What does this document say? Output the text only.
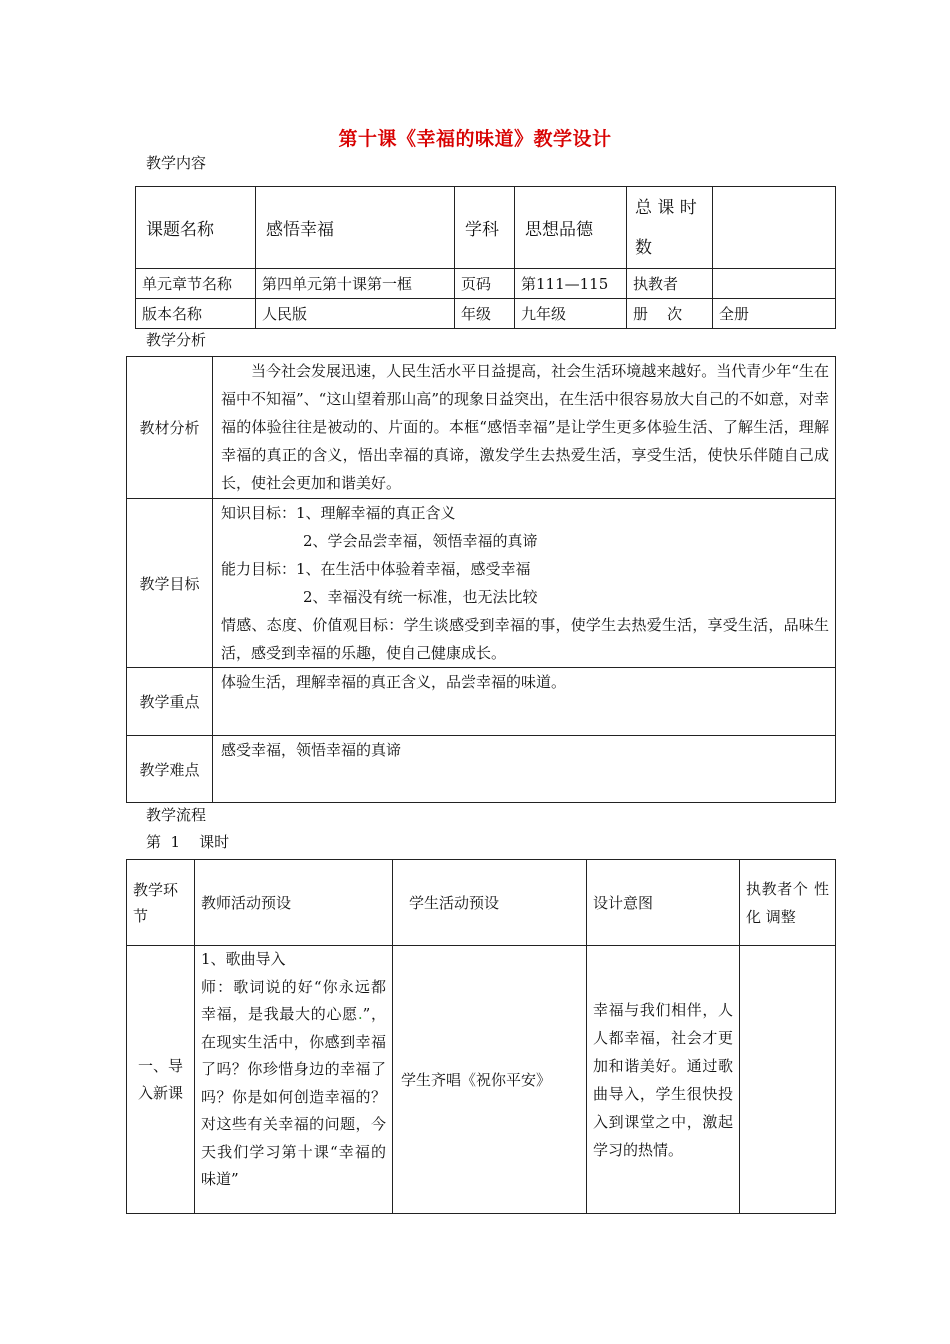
第十课《幸福的味道》教学设计
教学内容
课题名称	感悟幸福	学科	思想品德	总 课 时
数	

单元章节名称	第四单元第十课第一框	页码	第111—115	执教者	
版本名称	人民版	年级	九年级	册    次	全册
教学分析
教材分析	当今社会发展迅速，人民生活水平日益提高，社会生活环境越来越好。当代青少年“生在福中不知福”、“这山望着那山高”的现象日益突出，在生活中很容易放大自己的不如意，对幸福的体验往往是被动的、片面的。本框“感悟幸福”是让学生更多体验生活、了解生活，理解幸福的真正的含义，悟出幸福的真谛，激发学生去热爱生活，享受生活，使快乐伴随自己成长，使社会更加和谐美好。
教学目标	知识目标：1、理解幸福的真正含义
2、学会品尝幸福，领悟幸福的真谛
能力目标：1、在生活中体验着幸福，感受幸福
2、幸福没有统一标准，也无法比较
情感、态度、价值观目标：学生谈感受到幸福的事，使学生去热爱生活，享受生活，品味生活，感受到幸福的乐趣，使自己健康成长。

教学重点	体验生活，理解幸福的真正含义，品尝幸福的味道。
教学难点	感受幸福，领悟幸福的真谛
教学流程
第  1    课时
教学环节	教师活动预设	学生活动预设	设计意图	执教者个 性 化 调整
一、导入新课	1、歌曲导入
师：歌词说的好“你永远都幸福，是我最大的心愿.”，在现实生活中，你感到幸福了吗？你珍惜身边的幸福了吗？你是如何创造幸福的？对这些有关幸福的问题，今天我们学习第十课“幸福的味道”	学生齐唱《祝你平安》	幸福与我们相伴，人人都幸福，社会才更加和谐美好。通过歌曲导入，学生很快投入到课堂之中，激起学习的热情。	
